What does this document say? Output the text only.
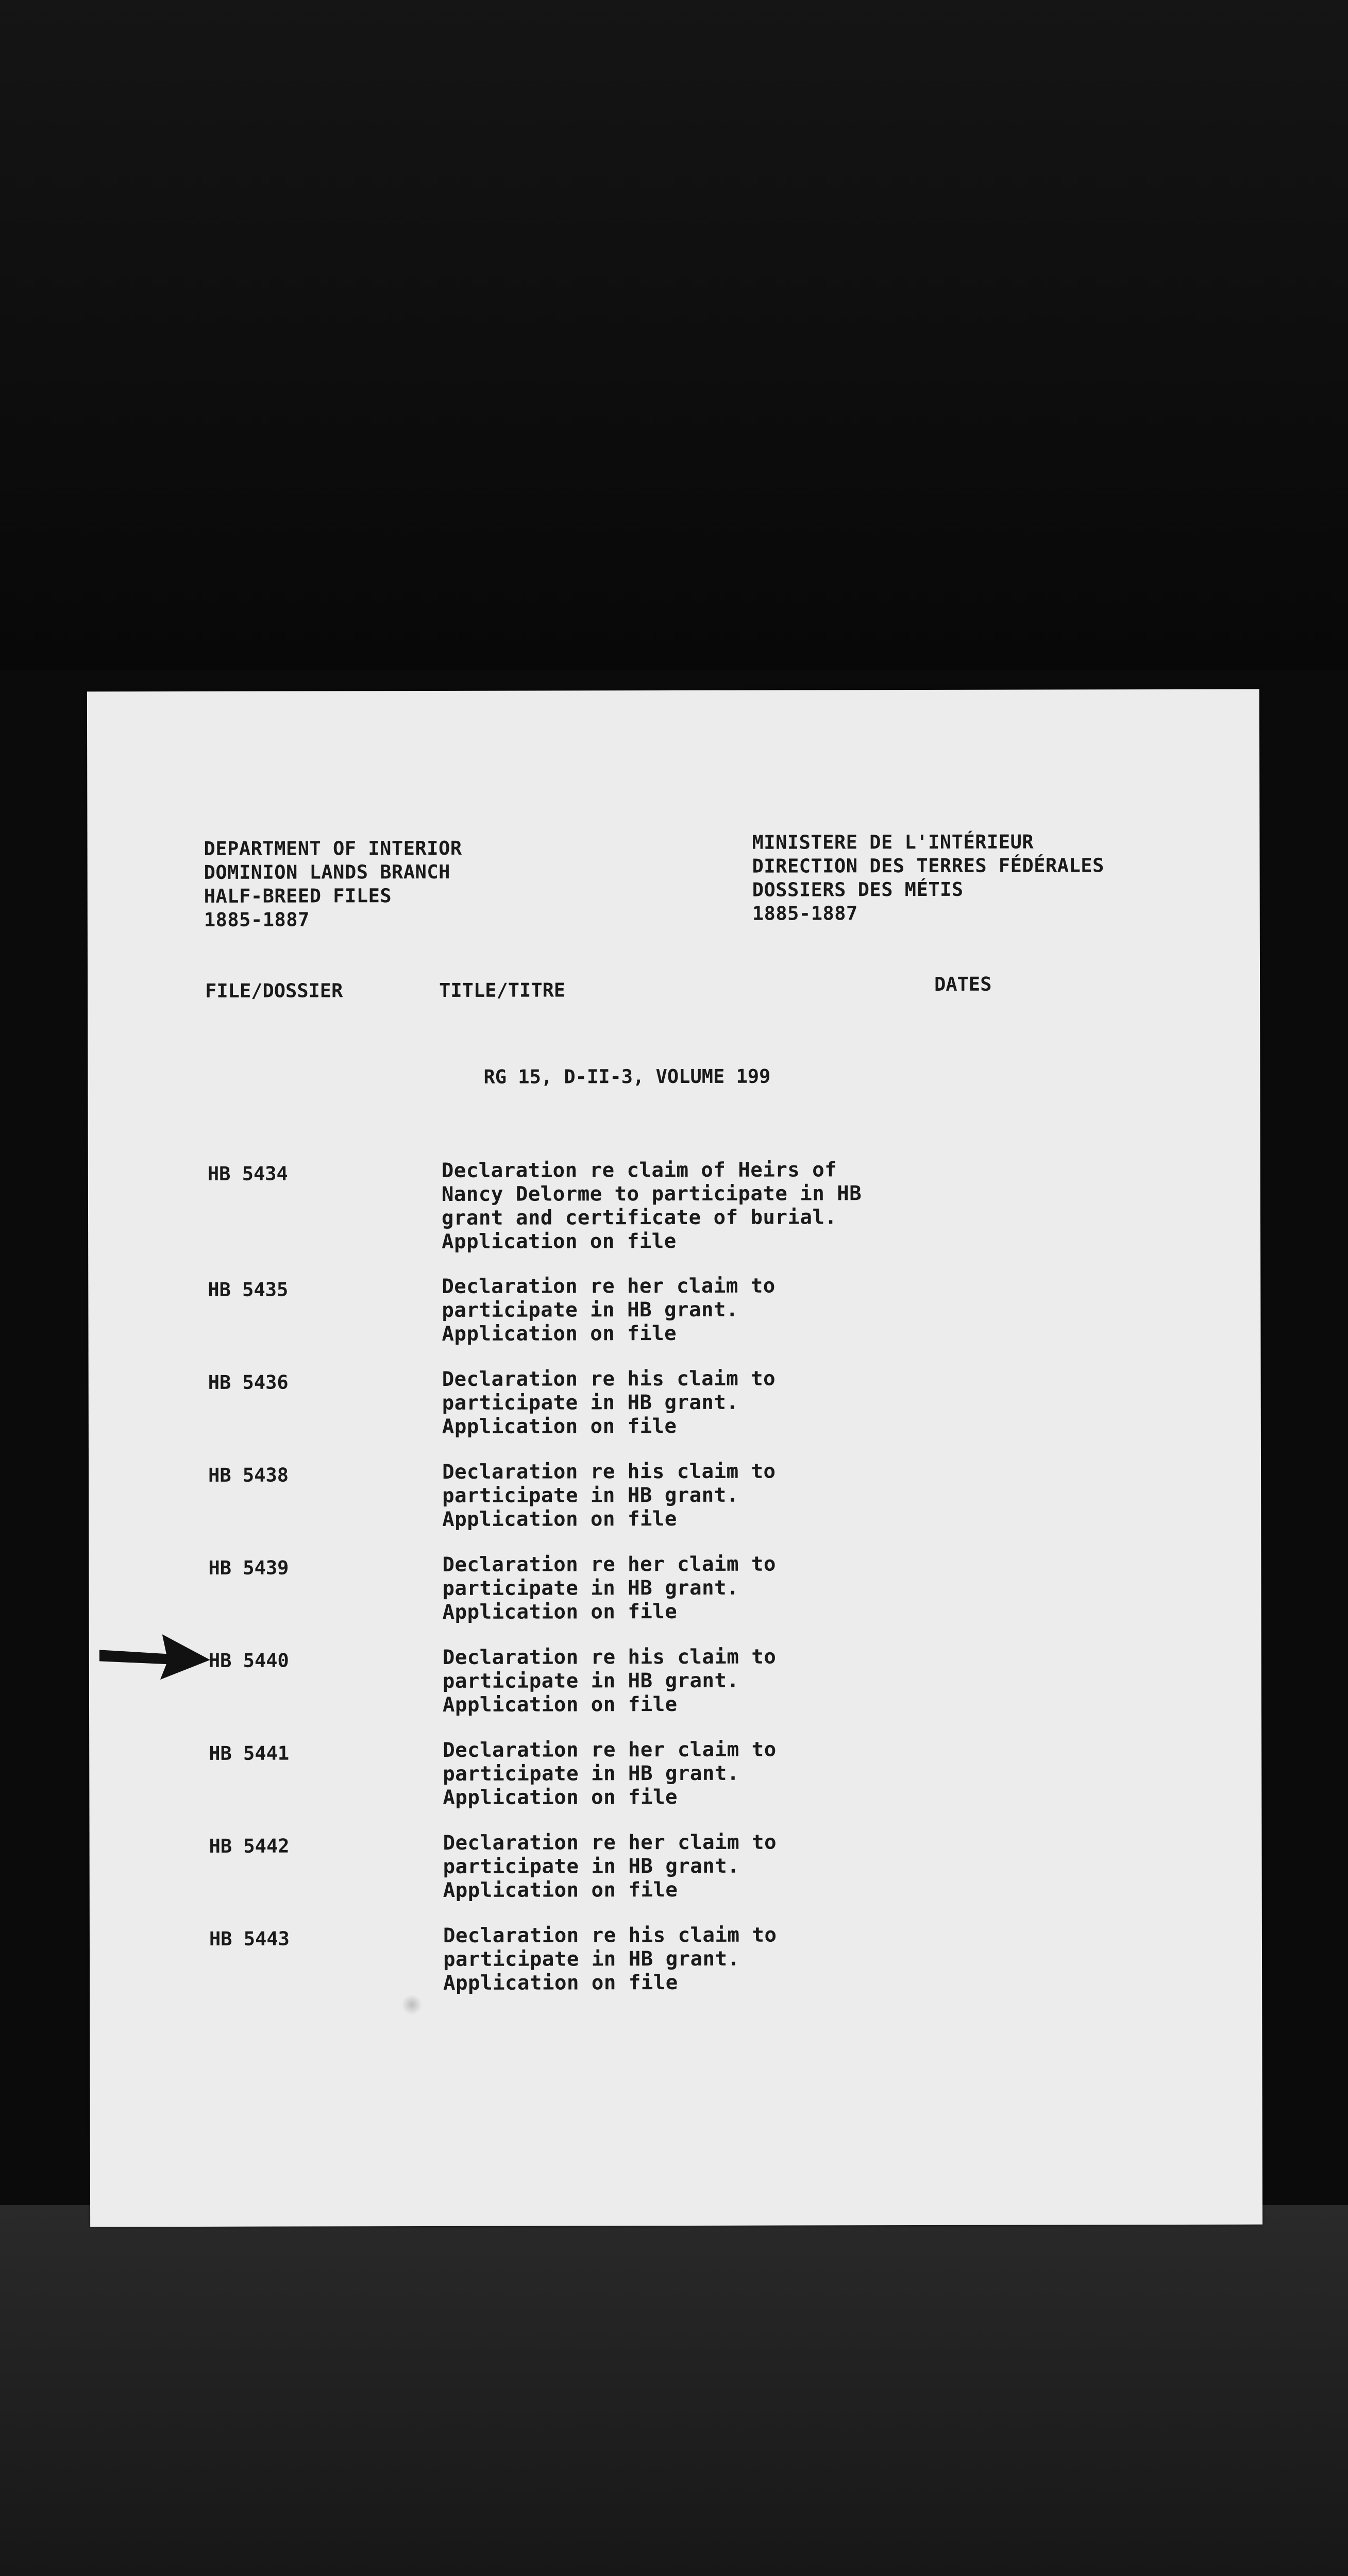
DEPARTMENT OF INTERIOR
DOMINION LANDS BRANCH
HALF-BREED FILES
1885-1887
MINISTERE DE L'INTÉRIEUR
DIRECTION DES TERRES FÉDÉRALES
DOSSIERS DES MÉTIS
1885-1887
FILE/DOSSIER	TITLE/TITRE	DATES
RG 15, D-II-3, VOLUME 199
HB 5434	Declaration re claim of Heirs of
Nancy Delorme to participate in HB
grant and certificate of burial.
Application on file
HB 5435	Declaration re her claim to
participate in HB grant.
Application on file
HB 5436	Declaration re his claim to
participate in HB grant.
Application on file
HB 5438	Declaration re his claim to
participate in HB grant.
Application on file
HB 5439	Declaration re her claim to
participate in HB grant.
Application on file
HB 5440	Declaration re his claim to
participate in HB grant.
Application on file
HB 5441	Declaration re her claim to
participate in HB grant.
Application on file
HB 5442	Declaration re her claim to
participate in HB grant.
Application on file
HB 5443	Declaration re his claim to
participate in HB grant.
Application on file
